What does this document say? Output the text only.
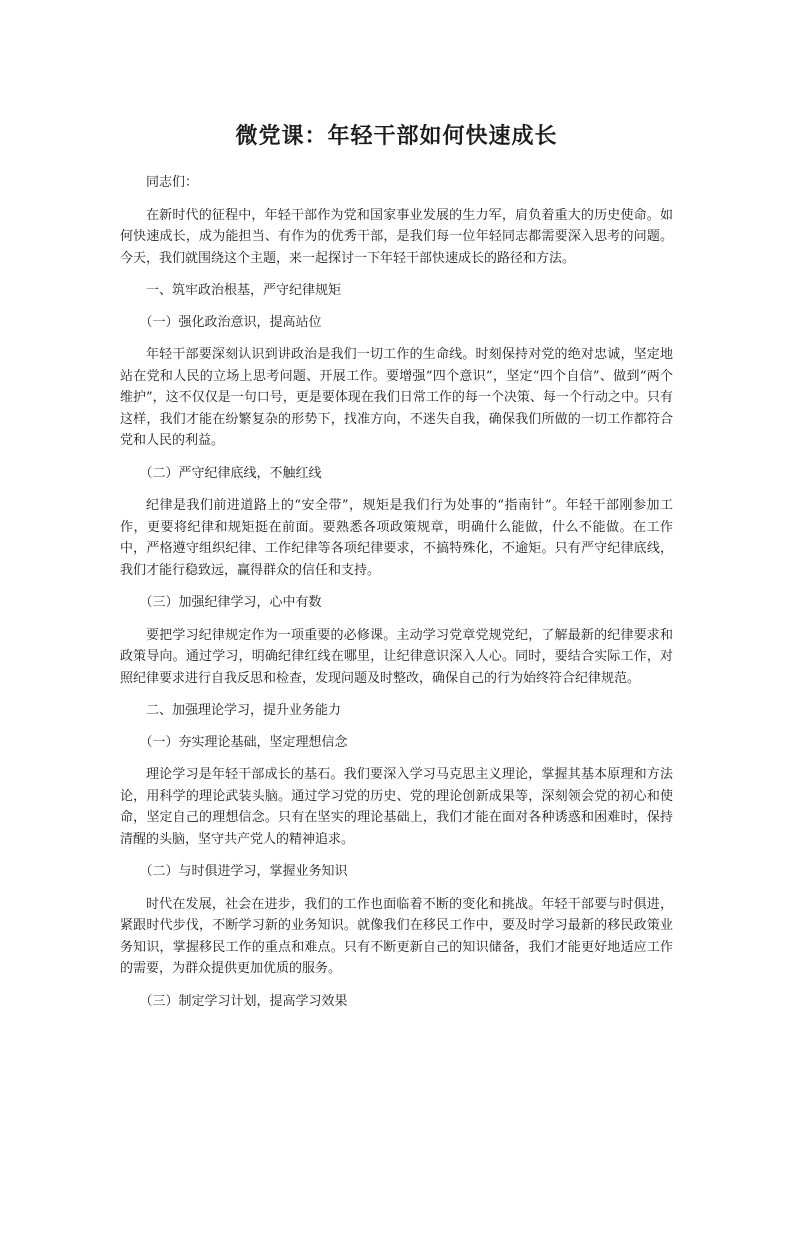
微党课：年轻干部如何快速成长

同志们：

在新时代的征程中，年轻干部作为党和国家事业发展的生力军，肩负着重大的历史使命。如何快速成长，成为能担当、有作为的优秀干部，是我们每一位年轻同志都需要深入思考的问题。今天，我们就围绕这个主题，来一起探讨一下年轻干部快速成长的路径和方法。

一、筑牢政治根基，严守纪律规矩

（一）强化政治意识，提高站位

年轻干部要深刻认识到讲政治是我们一切工作的生命线。时刻保持对党的绝对忠诚，坚定地站在党和人民的立场上思考问题、开展工作。要增强“四个意识”，坚定“四个自信”、做到“两个维护”，这不仅仅是一句口号，更是要体现在我们日常工作的每一个决策、每一个行动之中。只有这样，我们才能在纷繁复杂的形势下，找准方向，不迷失自我，确保我们所做的一切工作都符合党和人民的利益。

（二）严守纪律底线，不触红线

纪律是我们前进道路上的“安全带”，规矩是我们行为处事的“指南针”。年轻干部刚参加工作，更要将纪律和规矩挺在前面。要熟悉各项政策规章，明确什么能做，什么不能做。在工作中，严格遵守组织纪律、工作纪律等各项纪律要求，不搞特殊化，不逾矩。只有严守纪律底线，我们才能行稳致远，赢得群众的信任和支持。

（三）加强纪律学习，心中有数

要把学习纪律规定作为一项重要的必修课。主动学习党章党规党纪，了解最新的纪律要求和政策导向。通过学习，明确纪律红线在哪里，让纪律意识深入人心。同时，要结合实际工作，对照纪律要求进行自我反思和检查，发现问题及时整改，确保自己的行为始终符合纪律规范。

二、加强理论学习，提升业务能力

（一）夯实理论基础，坚定理想信念

理论学习是年轻干部成长的基石。我们要深入学习马克思主义理论，掌握其基本原理和方法论，用科学的理论武装头脑。通过学习党的历史、党的理论创新成果等，深刻领会党的初心和使命，坚定自己的理想信念。只有在坚实的理论基础上，我们才能在面对各种诱惑和困难时，保持清醒的头脑，坚守共产党人的精神追求。

（二）与时俱进学习，掌握业务知识

时代在发展，社会在进步，我们的工作也面临着不断的变化和挑战。年轻干部要与时俱进，紧跟时代步伐，不断学习新的业务知识。就像我们在移民工作中，要及时学习最新的移民政策业务知识，掌握移民工作的重点和难点。只有不断更新自己的知识储备，我们才能更好地适应工作的需要，为群众提供更加优质的服务。

（三）制定学习计划，提高学习效果
